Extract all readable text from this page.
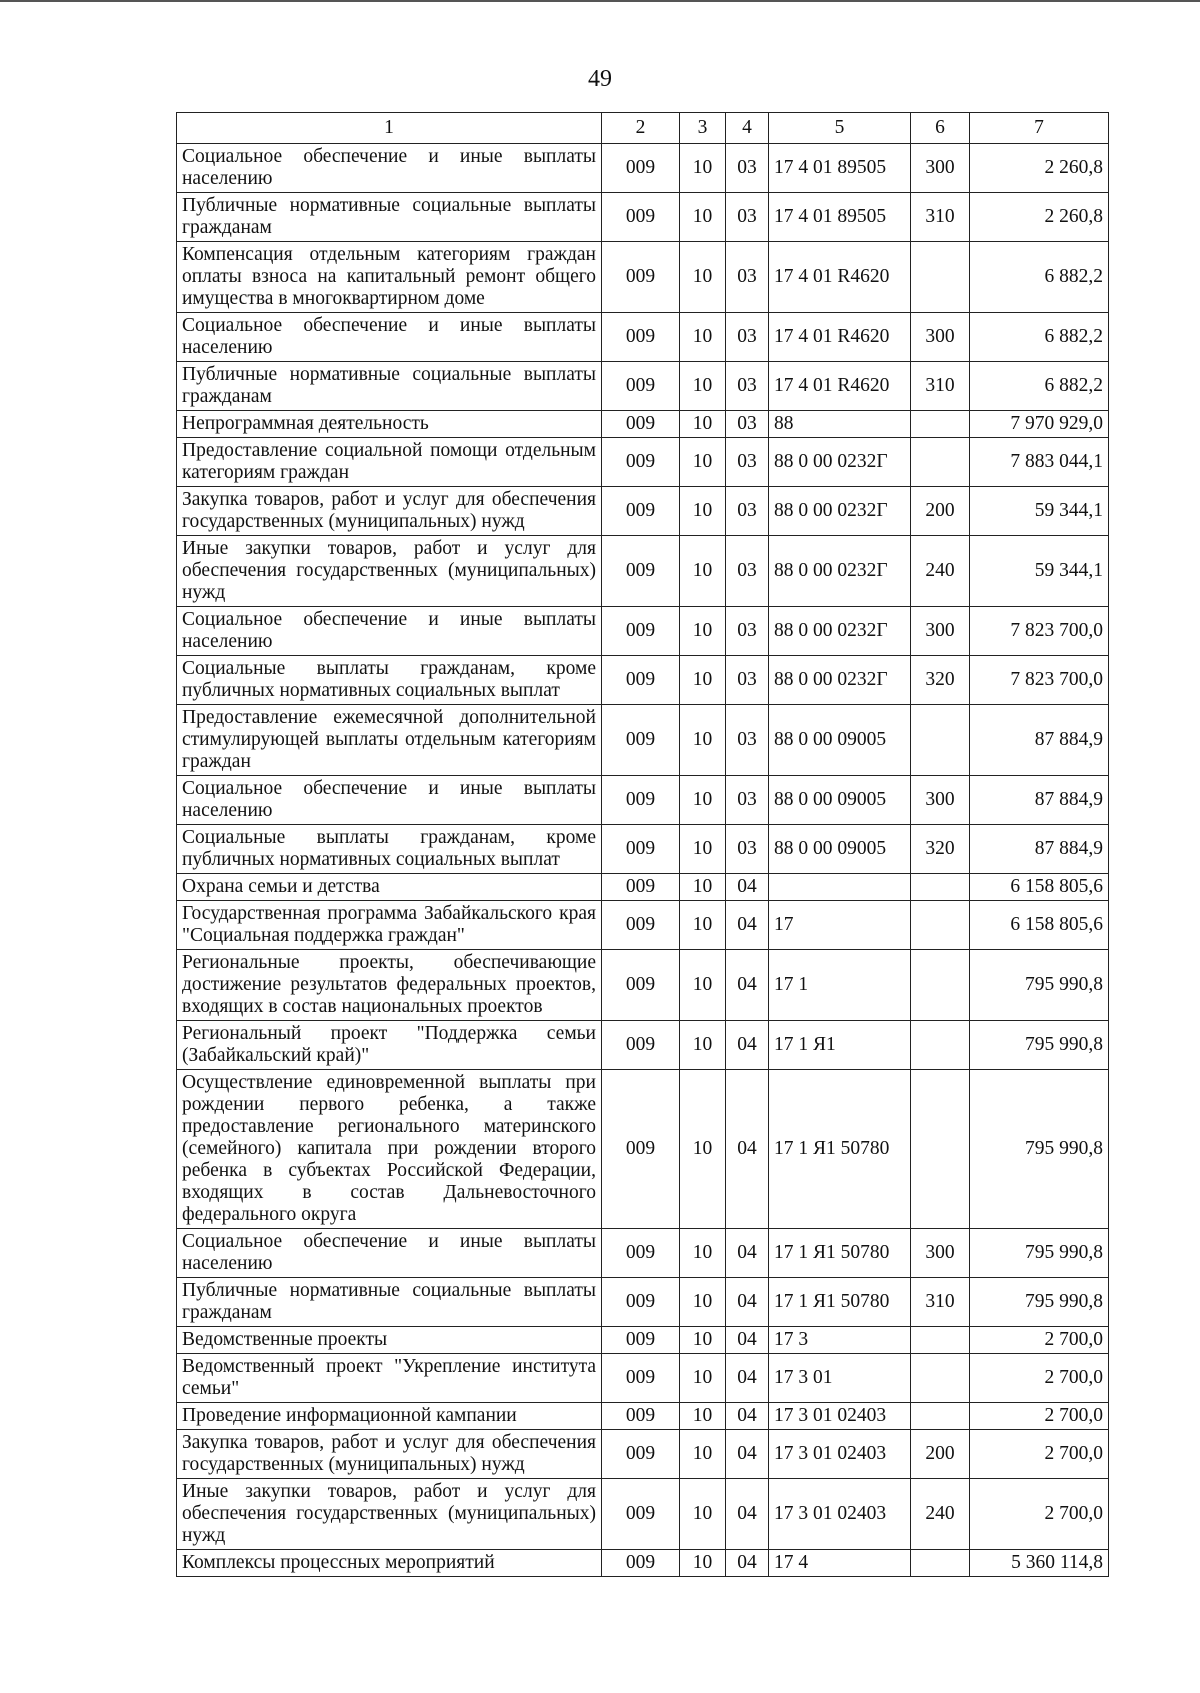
49
1	2	3	4	5	6	7
Социальное обеспечение и иные выплаты населению	009	10	03	17 4 01 89505	300	2 260,8
Публичные нормативные социальные выплаты гражданам	009	10	03	17 4 01 89505	310	2 260,8
Компенсация отдельным категориям граждан оплаты взноса на капитальный ремонт общего имущества в многоквартирном доме	009	10	03	17 4 01 R4620		6 882,2
Социальное обеспечение и иные выплаты населению	009	10	03	17 4 01 R4620	300	6 882,2
Публичные нормативные социальные выплаты гражданам	009	10	03	17 4 01 R4620	310	6 882,2
Непрограммная деятельность	009	10	03	88		7 970 929,0
Предоставление социальной помощи отдельным категориям граждан	009	10	03	88 0 00 0232Г		7 883 044,1
Закупка товаров, работ и услуг для обеспечения государственных (муниципальных) нужд	009	10	03	88 0 00 0232Г	200	59 344,1
Иные закупки товаров, работ и услуг для обеспечения государственных (муниципальных) нужд	009	10	03	88 0 00 0232Г	240	59 344,1
Социальное обеспечение и иные выплаты населению	009	10	03	88 0 00 0232Г	300	7 823 700,0
Социальные выплаты гражданам, кроме публичных нормативных социальных выплат	009	10	03	88 0 00 0232Г	320	7 823 700,0
Предоставление ежемесячной дополнительной стимулирующей выплаты отдельным категориям граждан	009	10	03	88 0 00 09005		87 884,9
Социальное обеспечение и иные выплаты населению	009	10	03	88 0 00 09005	300	87 884,9
Социальные выплаты гражданам, кроме публичных нормативных социальных выплат	009	10	03	88 0 00 09005	320	87 884,9
Охрана семьи и детства	009	10	04			6 158 805,6
Государственная программа Забайкальского края "Социальная поддержка граждан"	009	10	04	17		6 158 805,6
Региональные проекты, обеспечивающие достижение результатов федеральных проектов, входящих в состав национальных проектов	009	10	04	17 1		795 990,8
Региональный проект "Поддержка семьи (Забайкальский край)"	009	10	04	17 1 Я1		795 990,8
Осуществление единовременной выплаты при рождении первого ребенка, а также предоставление регионального материнского (семейного) капитала при рождении второго ребенка в субъектах Российской Федерации, входящих в состав Дальневосточного федерального округа	009	10	04	17 1 Я1 50780		795 990,8
Социальное обеспечение и иные выплаты населению	009	10	04	17 1 Я1 50780	300	795 990,8
Публичные нормативные социальные выплаты гражданам	009	10	04	17 1 Я1 50780	310	795 990,8
Ведомственные проекты	009	10	04	17 3		2 700,0
Ведомственный проект "Укрепление института семьи"	009	10	04	17 3 01		2 700,0
Проведение информационной кампании	009	10	04	17 3 01 02403		2 700,0
Закупка товаров, работ и услуг для обеспечения государственных (муниципальных) нужд	009	10	04	17 3 01 02403	200	2 700,0
Иные закупки товаров, работ и услуг для обеспечения государственных (муниципальных) нужд	009	10	04	17 3 01 02403	240	2 700,0
Комплексы процессных мероприятий	009	10	04	17 4		5 360 114,8
